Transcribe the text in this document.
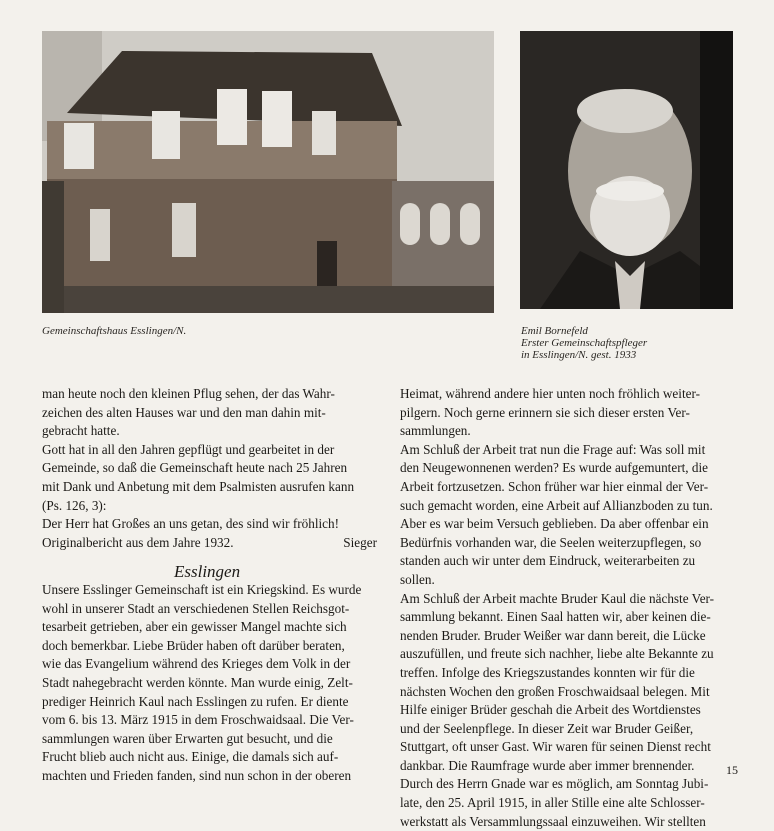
Gemeinschaftshaus Esslingen/N.	Emil Bornefeld
Erster Gemeinschaftspfleger
in Esslingen/N. gest. 1933

man heute noch den kleinen Pflug sehen, der das Wahr-
zeichen des alten Hauses war und den man dahin mit-
gebracht hatte.

Gott hat in all den Jahren gepflügt und gearbeitet in der
Gemeinde, so daß die Gemeinschaft heute nach 25 Jahren
mit Dank und Anbetung mit dem Psalmisten ausrufen kann
(Ps. 126, 3):

Der Herr hat Großes an uns getan, des sind wir fröhlich!

Originalbericht aus dem Jahre 1932.	Sieger

Esslingen

Unsere Esslinger Gemeinschaft ist ein Kriegskind. Es wurde
wohl in unserer Stadt an verschiedenen Stellen Reichsgot-
tesarbeit getrieben, aber ein gewisser Mangel machte sich
doch bemerkbar. Liebe Brüder haben oft darüber beraten,
wie das Evangelium während des Krieges dem Volk in der
Stadt nahegebracht werden könnte. Man wurde einig, Zelt-
prediger Heinrich Kaul nach Esslingen zu rufen. Er diente
vom 6. bis 13. März 1915 in dem Froschwaidsaal. Die Ver-
sammlungen waren über Erwarten gut besucht, und die
Frucht blieb auch nicht aus. Einige, die damals sich auf-
machten und Frieden fanden, sind nun schon in der oberen

Heimat, während andere hier unten noch fröhlich weiter-
pilgern. Noch gerne erinnern sie sich dieser ersten Ver-
sammlungen.

Am Schluß der Arbeit trat nun die Frage auf: Was soll mit
den Neugewonnenen werden? Es wurde aufgemuntert, die
Arbeit fortzusetzen. Schon früher war hier einmal der Ver-
such gemacht worden, eine Arbeit auf Allianzboden zu tun.
Aber es war beim Versuch geblieben. Da aber offenbar ein
Bedürfnis vorhanden war, die Seelen weiterzupflegen, so
standen auch wir unter dem Eindruck, weiterarbeiten zu
sollen.

Am Schluß der Arbeit machte Bruder Kaul die nächste Ver-
sammlung bekannt. Einen Saal hatten wir, aber keinen die-
nenden Bruder. Bruder Weißer war dann bereit, die Lücke
auszufüllen, und freute sich nachher, liebe alte Bekannte zu
treffen. Infolge des Kriegszustandes konnten wir für die
nächsten Wochen den großen Froschwaidsaal belegen. Mit
Hilfe einiger Brüder geschah die Arbeit des Wortdienstes
und der Seelenpflege. In dieser Zeit war Bruder Geißer,
Stuttgart, oft unser Gast. Wir waren für seinen Dienst recht
dankbar. Die Raumfrage wurde aber immer brennender.
Durch des Herrn Gnade war es möglich, am Sonntag Jubi-
late, den 25. April 1915, in aller Stille eine alte Schlosser-
werkstatt als Versammlungssaal einzuweihen. Wir stellten

15
